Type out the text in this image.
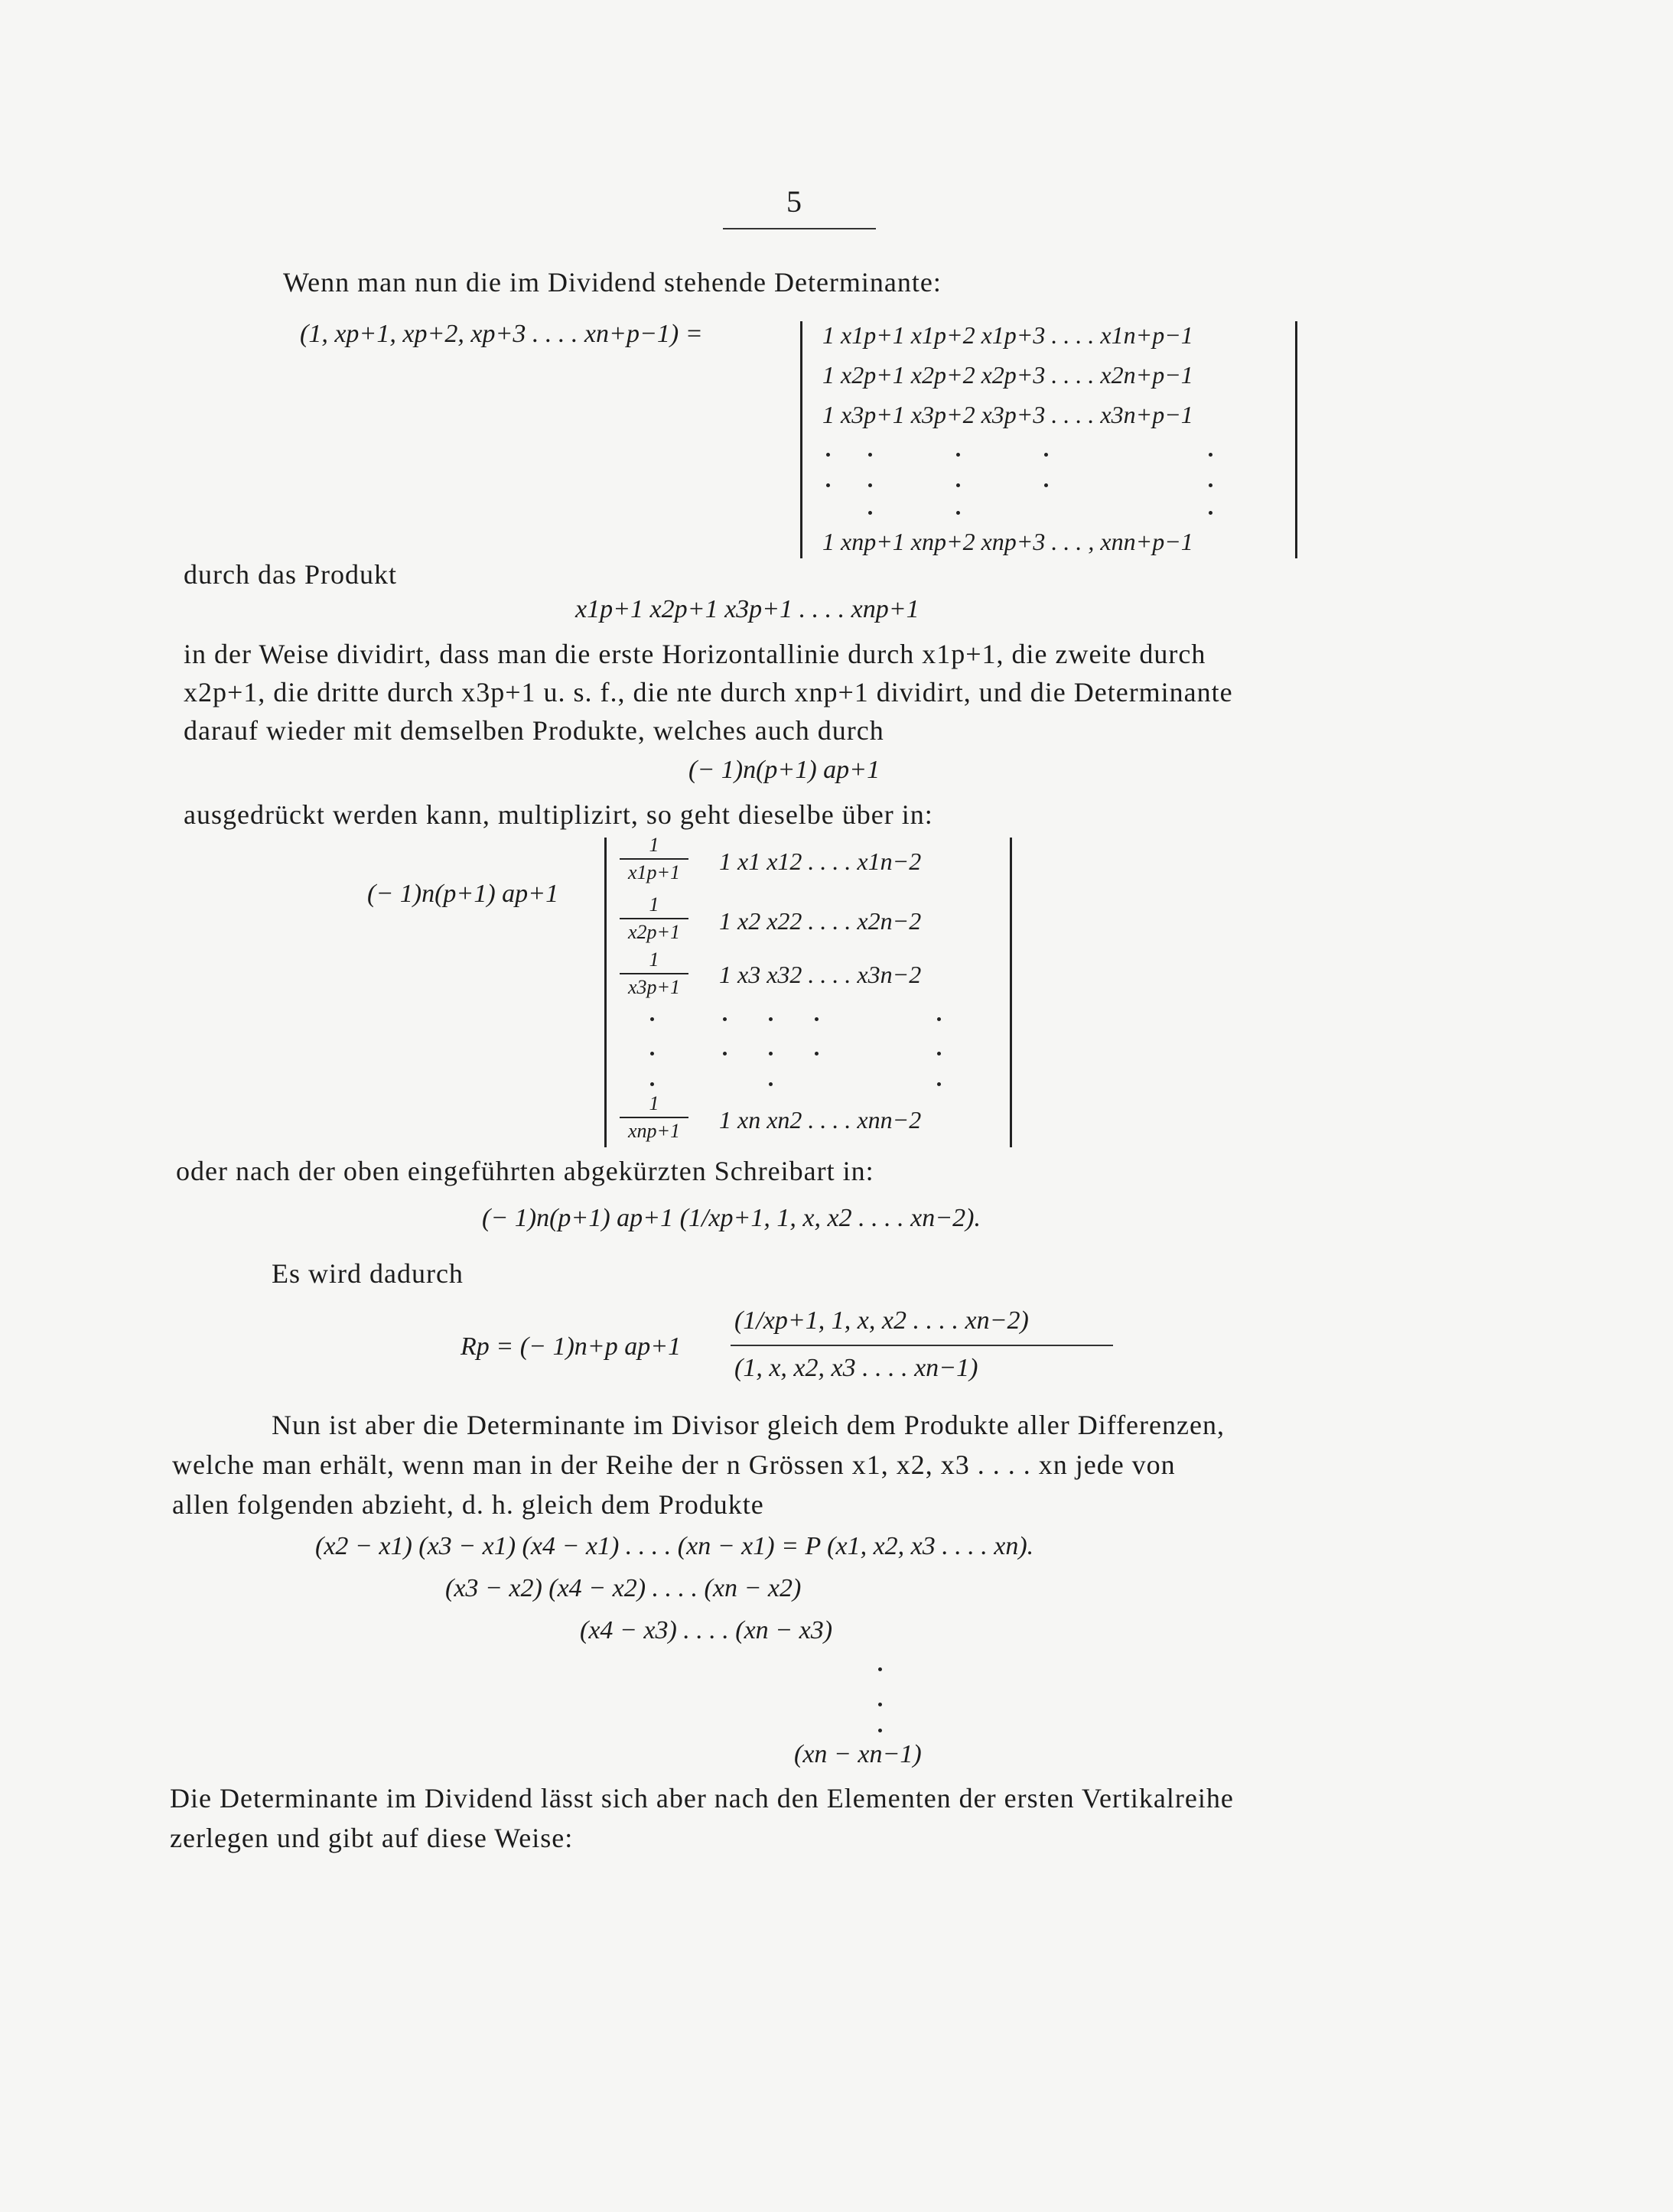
5
Wenn man nun die im Dividend stehende Determinante:
(1, xp+1, xp+2, xp+3 . . . . xn+p−1) =	1 x1p+1 x1p+2 x1p+3 . . . . x1n+p−1
1 x2p+1 x2p+2 x2p+3 . . . . x2n+p−1
1 x3p+1 x3p+2 x3p+3 . . . . x3n+p−1
1 xnp+1 xnp+2 xnp+3 . . . , xnn+p−1
durch das Produkt
x1p+1 x2p+1 x3p+1 . . . . xnp+1
in der Weise dividirt, dass man die erste Horizontallinie durch x1p+1, die zweite durch
x2p+1, die dritte durch x3p+1 u. s. f., die nte durch xnp+1 dividirt, und die Determinante
darauf wieder mit demselben Produkte, welches auch durch
(− 1)n(p+1) ap+1
ausgedrückt werden kann, multiplizirt, so geht dieselbe über in:
(− 1)n(p+1) ap+1
1
x1p+1	1 x1 x12 . . . . x1n−2
1
x2p+1	1 x2 x22 . . . . x2n−2
1
x3p+1	1 x3 x32 . . . . x3n−2
1
xnp+1	1 xn xn2 . . . . xnn−2
oder nach der oben eingeführten abgekürzten Schreibart in:
(− 1)n(p+1) ap+1 (1/xp+1, 1, x, x2 . . . . xn−2).
Es wird dadurch
Rp = (− 1)n+p ap+1
(1/xp+1, 1, x, x2 . . . . xn−2)
(1, x, x2, x3 . . . . xn−1)
Nun ist aber die Determinante im Divisor gleich dem Produkte aller Differenzen,
welche man erhält, wenn man in der Reihe der n Grössen x1, x2, x3 . . . . xn jede von
allen folgenden abzieht, d. h. gleich dem Produkte
(x2 − x1) (x3 − x1) (x4 − x1) . . . . (xn − x1) = P (x1, x2, x3 . . . . xn).
(x3 − x2) (x4 − x2) . . . . (xn − x2)
(x4 − x3) . . . . (xn − x3)
(xn − xn−1)
Die Determinante im Dividend lässt sich aber nach den Elementen der ersten Vertikalreihe
zerlegen und gibt auf diese Weise:
